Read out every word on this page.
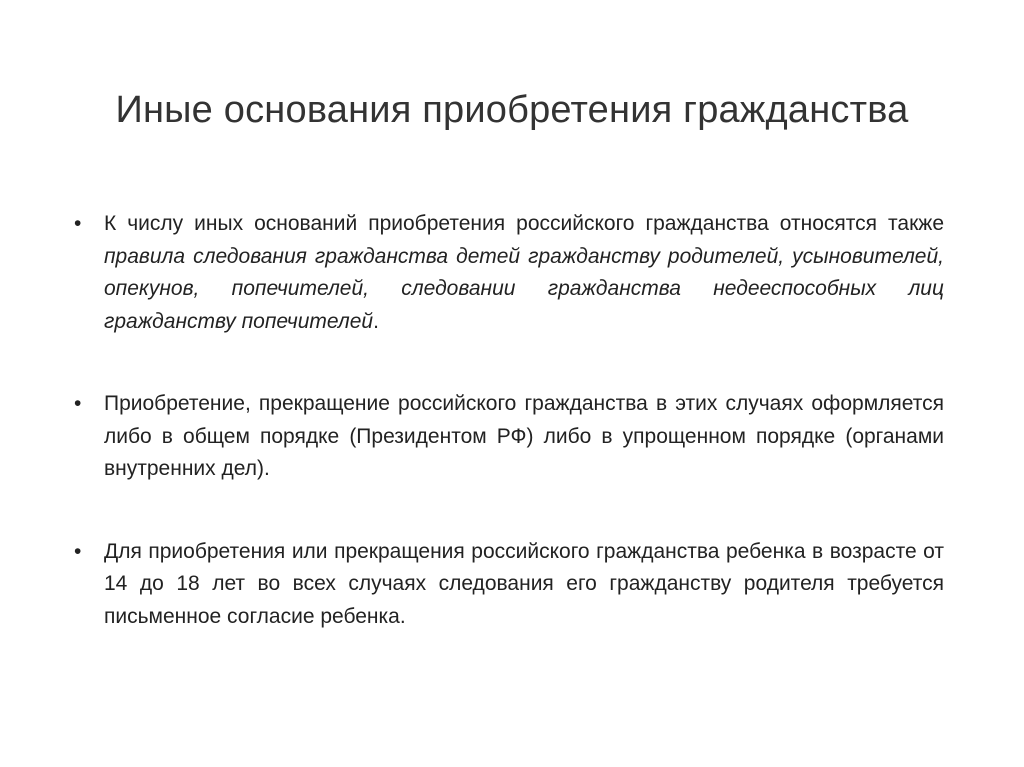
Иные основания приобретения гражданства
•	К числу иных оснований приобретения российского гражданства относятся также правила следования гражданства детей гражданству родителей, усыновителей, опекунов, попечителей, следовании гражданства недееспособных лиц гражданству попечителей.
•	Приобретение, прекращение российского гражданства в этих случаях оформляется либо в общем порядке (Президентом РФ) либо в упрощенном порядке (органами внутренних дел).
•	Для приобретения или прекращения российского гражданства ребенка в возрасте от 14 до 18 лет во всех случаях следования его гражданству родителя требуется письменное согласие ребенка.
